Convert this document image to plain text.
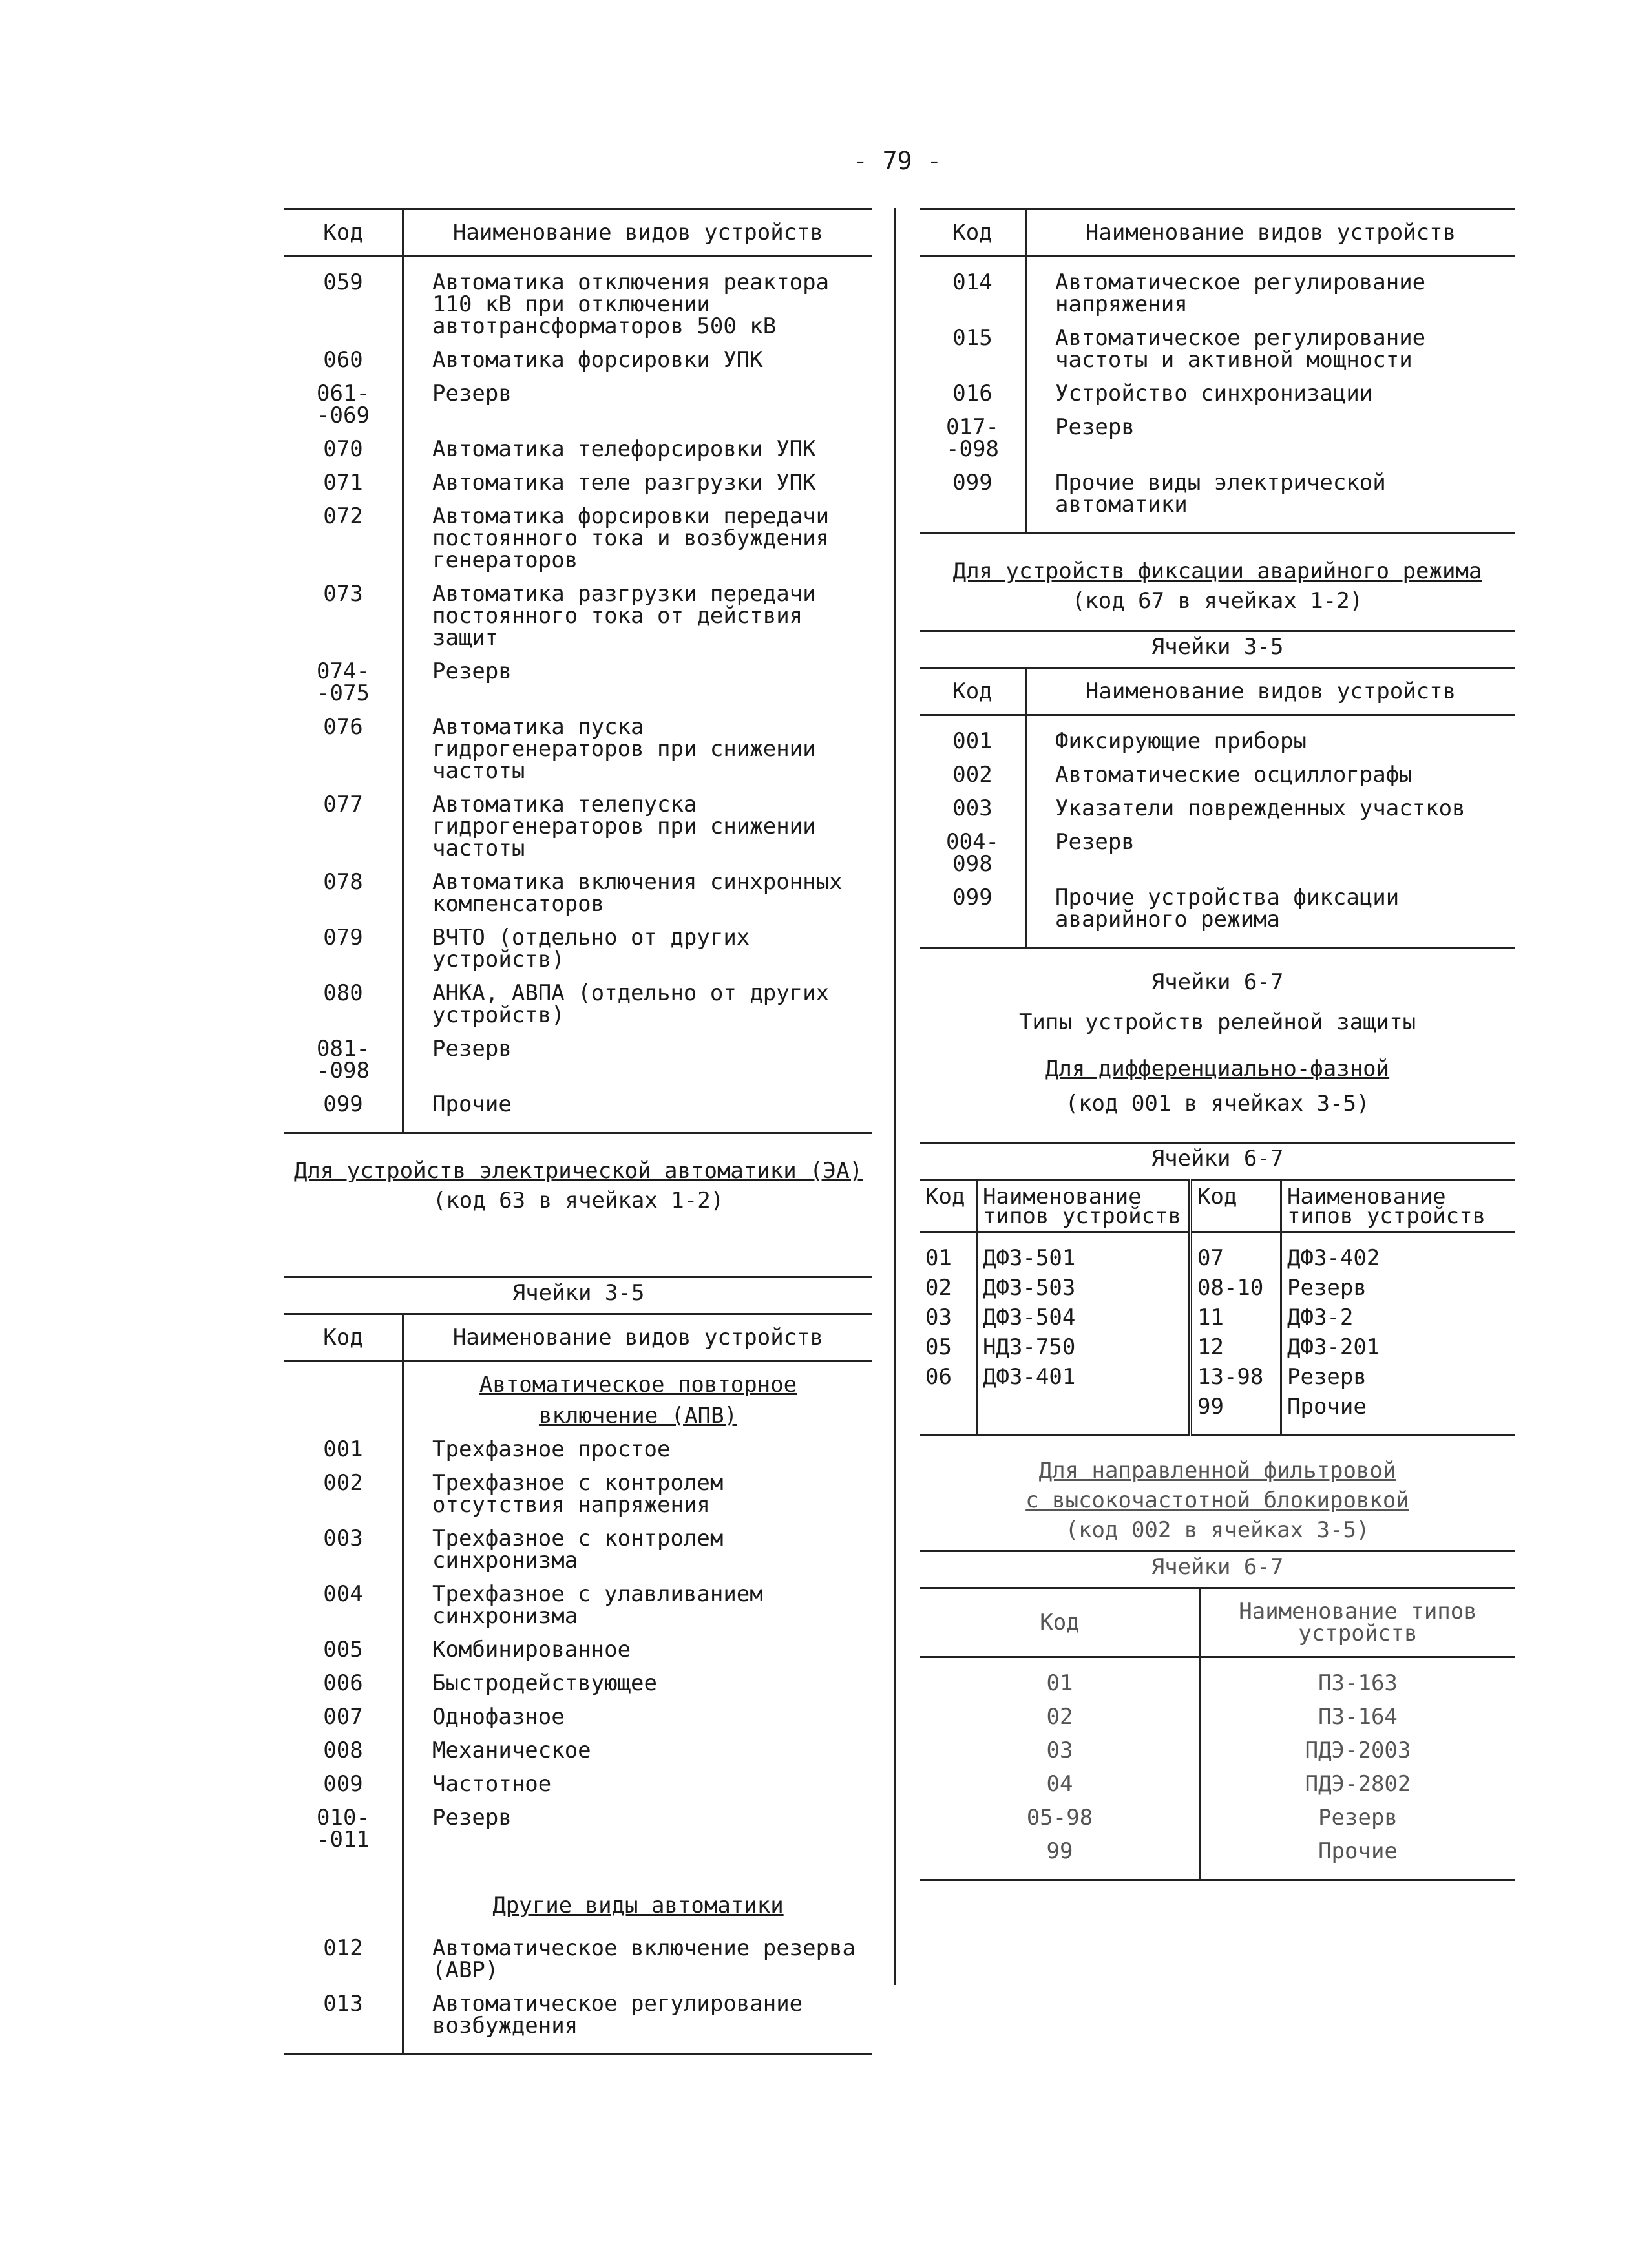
- 79 -
Код	Наименование видов устройств
059	Автоматика отключения реактора 110 кВ при отключении автотрансформаторов 500 кВ
060	Автоматика форсировки УПК
061- -069	Резерв
070	Автоматика телефорсировки УПК
071	Автоматика теле разгрузки УПК
072	Автоматика форсировки передачи постоянного тока и возбуждения генераторов
073	Автоматика разгрузки передачи постоянного тока от действия защит
074- -075	Резерв
076	Автоматика пуска гидрогенераторов при снижении частоты
077	Автоматика телепуска гидрогенераторов при снижении частоты
078	Автоматика включения синхронных компенсаторов
079	ВЧТО (отдельно от других устройств)
080	АНКА, АВПА (отдельно от других устройств)
081- -098	Резерв
099	Прочие

Для устройств электрической автоматики (ЭА)

(код 63 в ячейках 1-2)

Ячейки 3-5
Код	Наименование видов устройств

	Автоматическое повторное
включение (АПВ)

001	Трехфазное простое
002	Трехфазное с контролем отсутствия напряжения
003	Трехфазное с контролем синхронизма
004	Трехфазное с улавливанием синхронизма
005	Комбинированное
006	Быстродействующее
007	Однофазное
008	Механическое
009	Частотное
010- -011	Резерв
	Другие виды автоматики
012	Автоматическое включение резерва (АВР)
013	Автоматическое регулирование возбуждения
Код	Наименование видов устройств
014	Автоматическое регулирование напряжения
015	Автоматическое регулирование частоты и активной мощности
016	Устройство синхронизации
017- -098	Резерв
099	Прочие виды электрической автоматики

Для устройств фиксации аварийного режима

(код 67 в ячейках 1-2)

Ячейки 3-5
Код	Наименование видов устройств
001	Фиксирующие приборы
002	Автоматические осциллографы
003	Указатели поврежденных участков
004- 098	Резерв
099	Прочие устройства фиксации аварийного режима

Ячейки 6-7

Типы устройств релейной защиты

Для дифференциально-фазной

(код 001 в ячейках 3-5)

Ячейки 6-7
Код	Наименование типов устройств	Код	Наименование типов устройств
01	ДФЗ-501	07	ДФЗ-402
02	ДФЗ-503	08-10	Резерв
03	ДФЗ-504	11	ДФЗ-2
05	НДЗ-750	12	ДФЗ-201
06	ДФЗ-401	13-98	Резерв
		99	Прочие

Для направленной фильтровой

с высокочастотной блокировкой

(код 002 в ячейках 3-5)

Ячейки 6-7
Код	Наименование типов устройств
01	ПЗ-163
02	ПЗ-164
03	ПДЭ-2003
04	ПДЭ-2802
05-98	Резерв
99	Прочие
